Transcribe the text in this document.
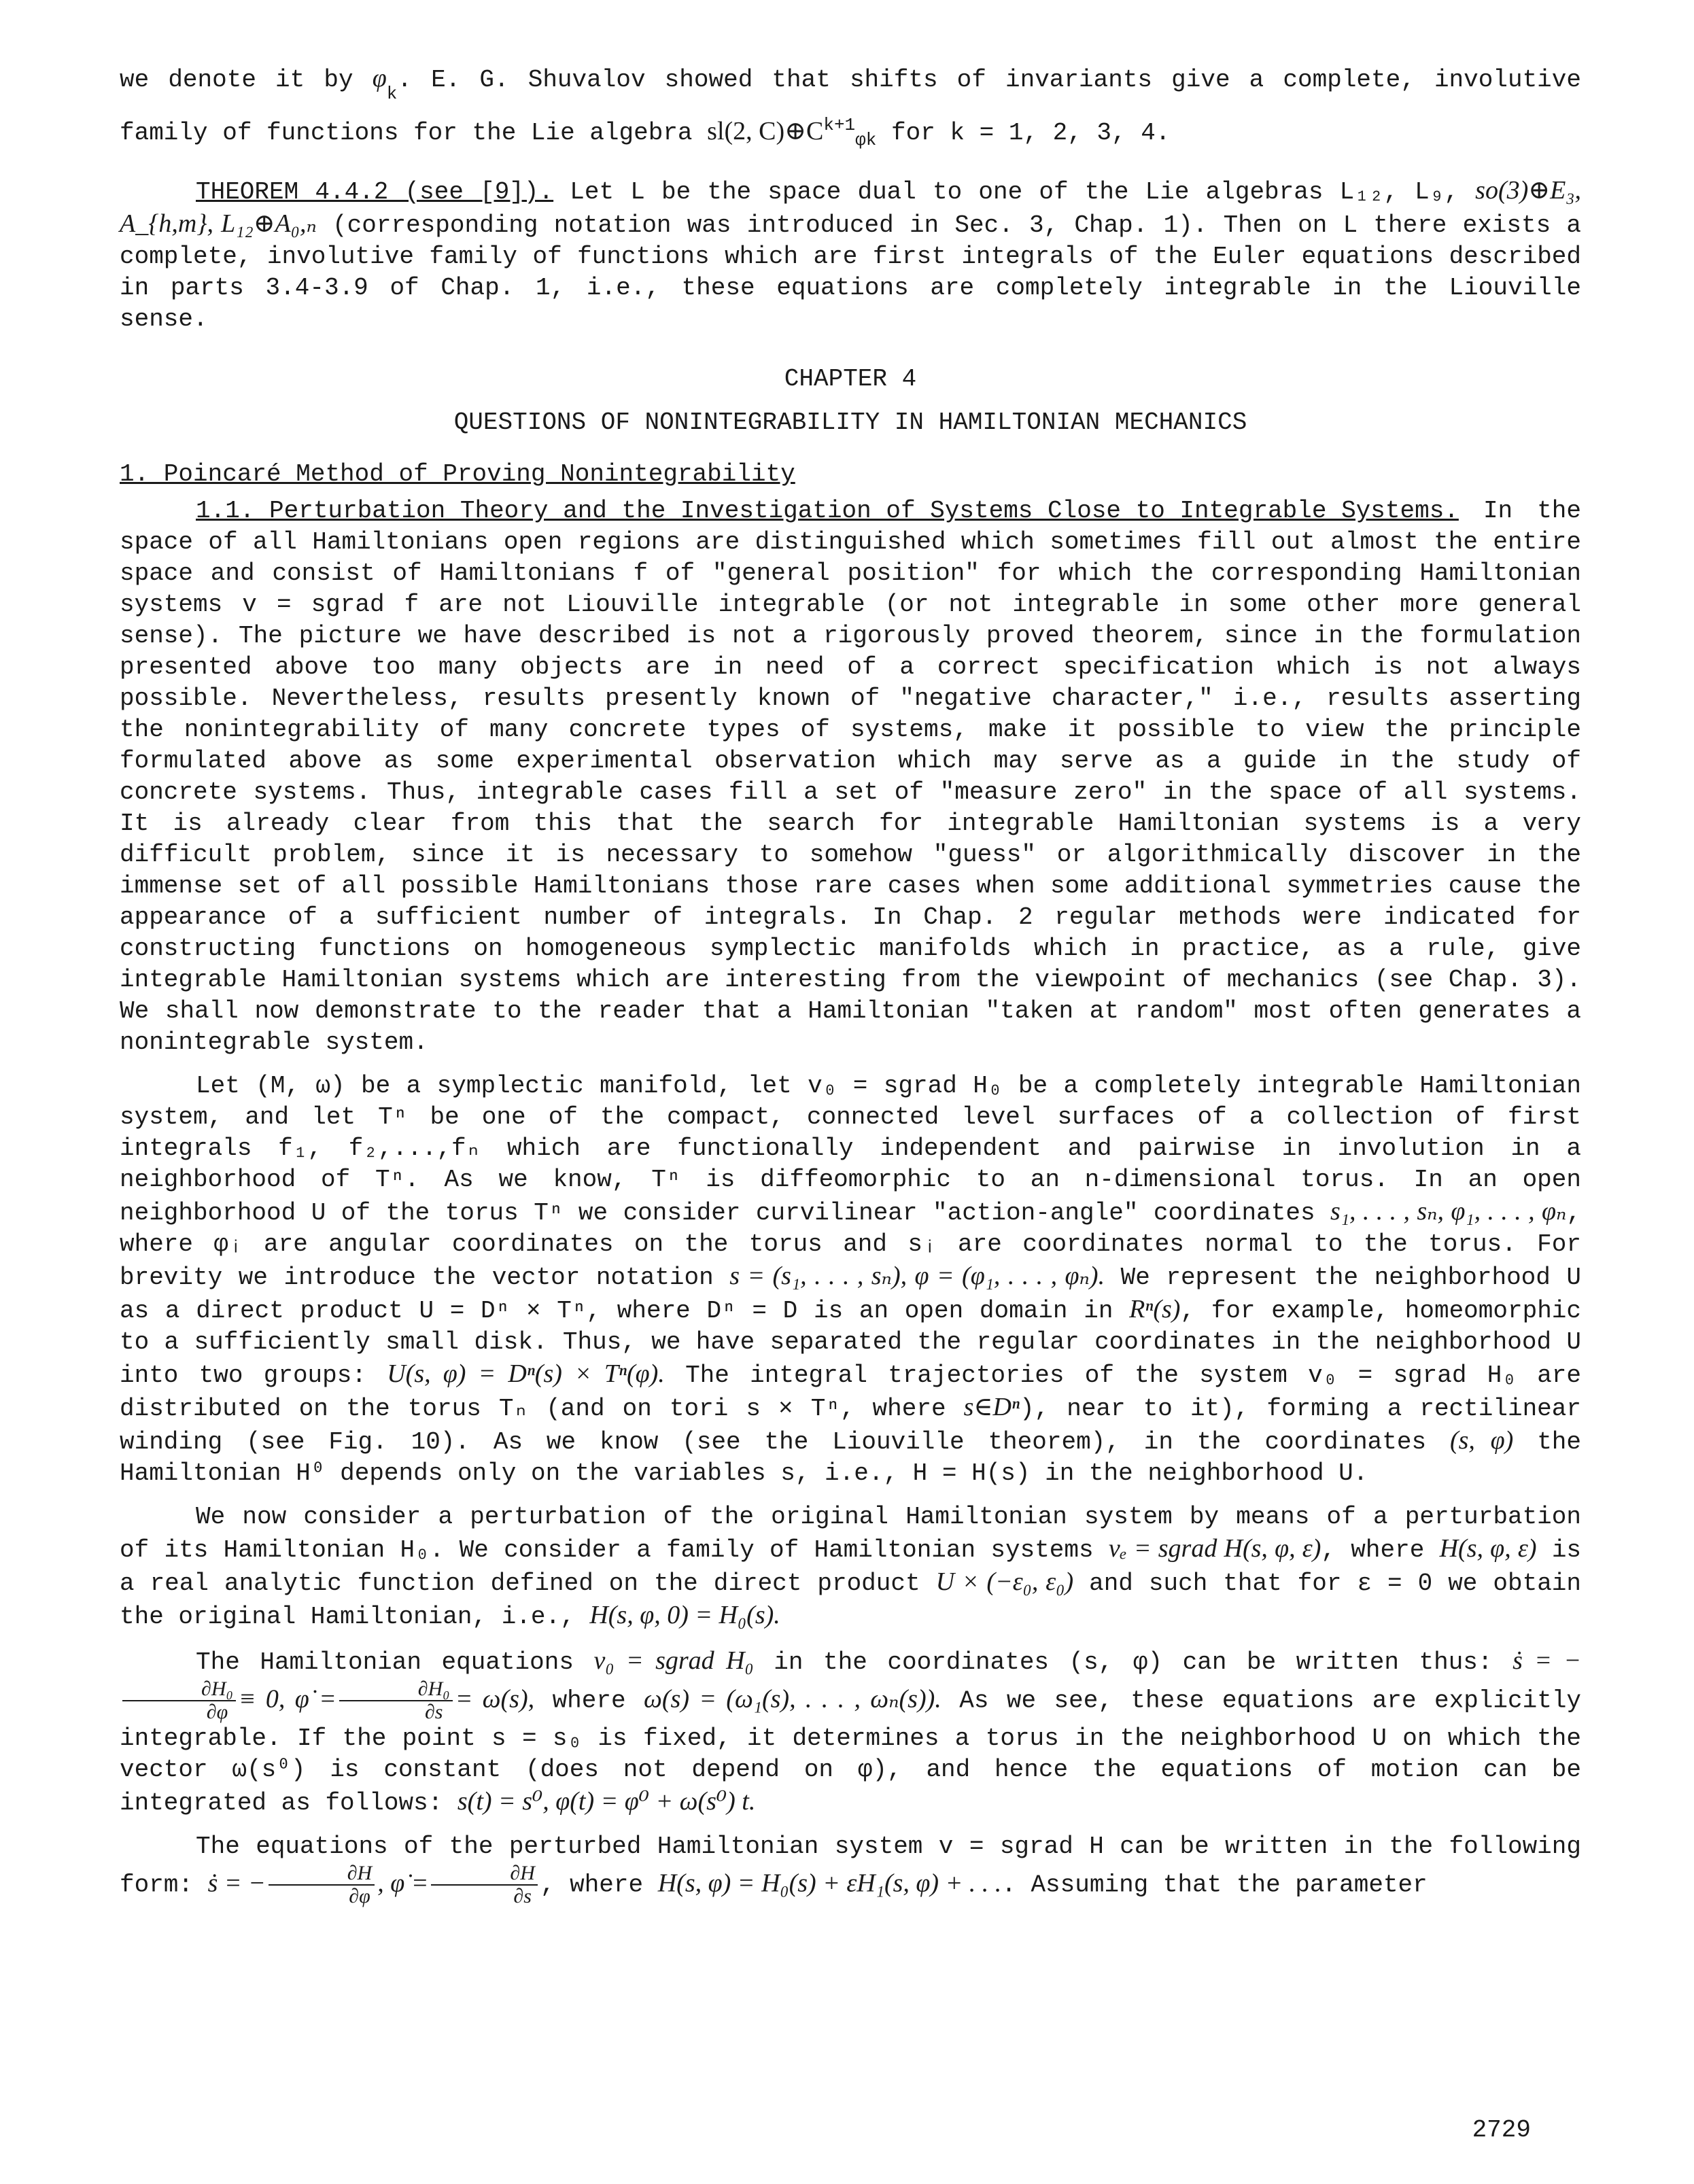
we denote it by $\varphi_k$. E. G. Shuvalov showed that shifts of invariants give a complete, involutive family of functions for the Lie algebra sl(2, $C)\oplus C^{k+1}_{\varphi k}$ for k = 1, 2, 3, 4.

THEOREM 4.4.2 (see [9]). Let L be the space dual to one of the Lie algebras L₁₂, L₉, so(3)⊕E₃, A_{h,m}, L₁₂⊕A₀,ₙ (corresponding notation was introduced in Sec. 3, Chap. 1). Then on L there exists a complete, involutive family of functions which are first integrals of the Euler equations described in parts 3.4-3.9 of Chap. 1, i.e., these equations are completely integrable in the Liouville sense.

CHAPTER 4

QUESTIONS OF NONINTEGRABILITY IN HAMILTONIAN MECHANICS

1. Poincaré Method of Proving Nonintegrability

1.1. Perturbation Theory and the Investigation of Systems Close to Integrable Systems. In the space of all Hamiltonians open regions are distinguished which sometimes fill out almost the entire space and consist of Hamiltonians f of "general position" for which the corresponding Hamiltonian systems v = sgrad f are not Liouville integrable (or not integrable in some other more general sense). The picture we have described is not a rigorously proved theorem, since in the formulation presented above too many objects are in need of a correct specification which is not always possible. Nevertheless, results presently known of "negative character," i.e., results asserting the nonintegrability of many concrete types of systems, make it possible to view the principle formulated above as some experimental observation which may serve as a guide in the study of concrete systems. Thus, integrable cases fill a set of "measure zero" in the space of all systems. It is already clear from this that the search for integrable Hamiltonian systems is a very difficult problem, since it is necessary to somehow "guess" or algorithmically discover in the immense set of all possible Hamiltonians those rare cases when some additional symmetries cause the appearance of a sufficient number of integrals. In Chap. 2 regular methods were indicated for constructing functions on homogeneous symplectic manifolds which in practice, as a rule, give integrable Hamiltonian systems which are interesting from the viewpoint of mechanics (see Chap. 3). We shall now demonstrate to the reader that a Hamiltonian "taken at random" most often generates a nonintegrable system.

Let (M, ω) be a symplectic manifold, let v₀ = sgrad H₀ be a completely integrable Hamiltonian system, and let Tⁿ be one of the compact, connected level surfaces of a collection of first integrals f₁, f₂,...,fₙ which are functionally independent and pairwise in involution in a neighborhood of Tⁿ. As we know, Tⁿ is diffeomorphic to an n-dimensional torus. In an open neighborhood U of the torus Tⁿ we consider curvilinear "action-angle" coordinates s₁, . . . , sₙ, φ₁, . . . , φₙ, where φᵢ are angular coordinates on the torus and sᵢ are coordinates normal to the torus. For brevity we introduce the vector notation s = (s₁, . . . , sₙ), φ = (φ₁, . . . , φₙ). We represent the neighborhood U as a direct product U = Dⁿ × Tⁿ, where Dⁿ = D is an open domain in Rⁿ(s), for example, homeomorphic to a sufficiently small disk. Thus, we have separated the regular coordinates in the neighborhood U into two groups: U(s, φ) = Dⁿ(s) × Tⁿ(φ). The integral trajectories of the system v₀ = sgrad H₀ are distributed on the torus Tₙ (and on tori s × Tⁿ, where s∈Dⁿ), near to it), forming a rectilinear winding (see Fig. 10). As we know (see the Liouville theorem), in the coordinates (s, φ) the Hamiltonian H⁰ depends only on the variables s, i.e., H = H(s) in the neighborhood U.

We now consider a perturbation of the original Hamiltonian system by means of a perturbation of its Hamiltonian H₀. We consider a family of Hamiltonian systems vₑ = sgrad H(s, φ, ε), where H(s, φ, ε) is a real analytic function defined on the direct product U × (−ε₀, ε₀) and such that for ε = 0 we obtain the original Hamiltonian, i.e., H(s, φ, 0) = H₀(s).

The Hamiltonian equations v₀ = sgrad H₀ in the coordinates (s, φ) can be written thus: ṡ = −
$\frac{\text{∂H₀}}{\partial\varphi} \equiv 0$, φ̇ = $\frac{\text{∂H₀}}{\partial s} = \omega(s)$, where ω(s) = (ω₁(s), . . . , ωₙ(s)). As we see, these equations are explicitly integrable. If the point s = s₀ is fixed, it determines a torus in the neighborhood U on which the vector ω(s⁰) is constant (does not depend on φ), and hence the equations of motion can be integrated as follows: s(t) = s⁰, φ(t) = φ⁰ + ω(s⁰) t.

The equations of the perturbed Hamiltonian system v = sgrad H can be written in the following form: ṡ = − $\frac{\partial H}{\partial\varphi}$ , φ̇ = $\frac{\partial H}{\partial s}$ , where H(s, φ) = H₀(s) + εH₁(s, φ) + . . .. Assuming that the parameter

2729
